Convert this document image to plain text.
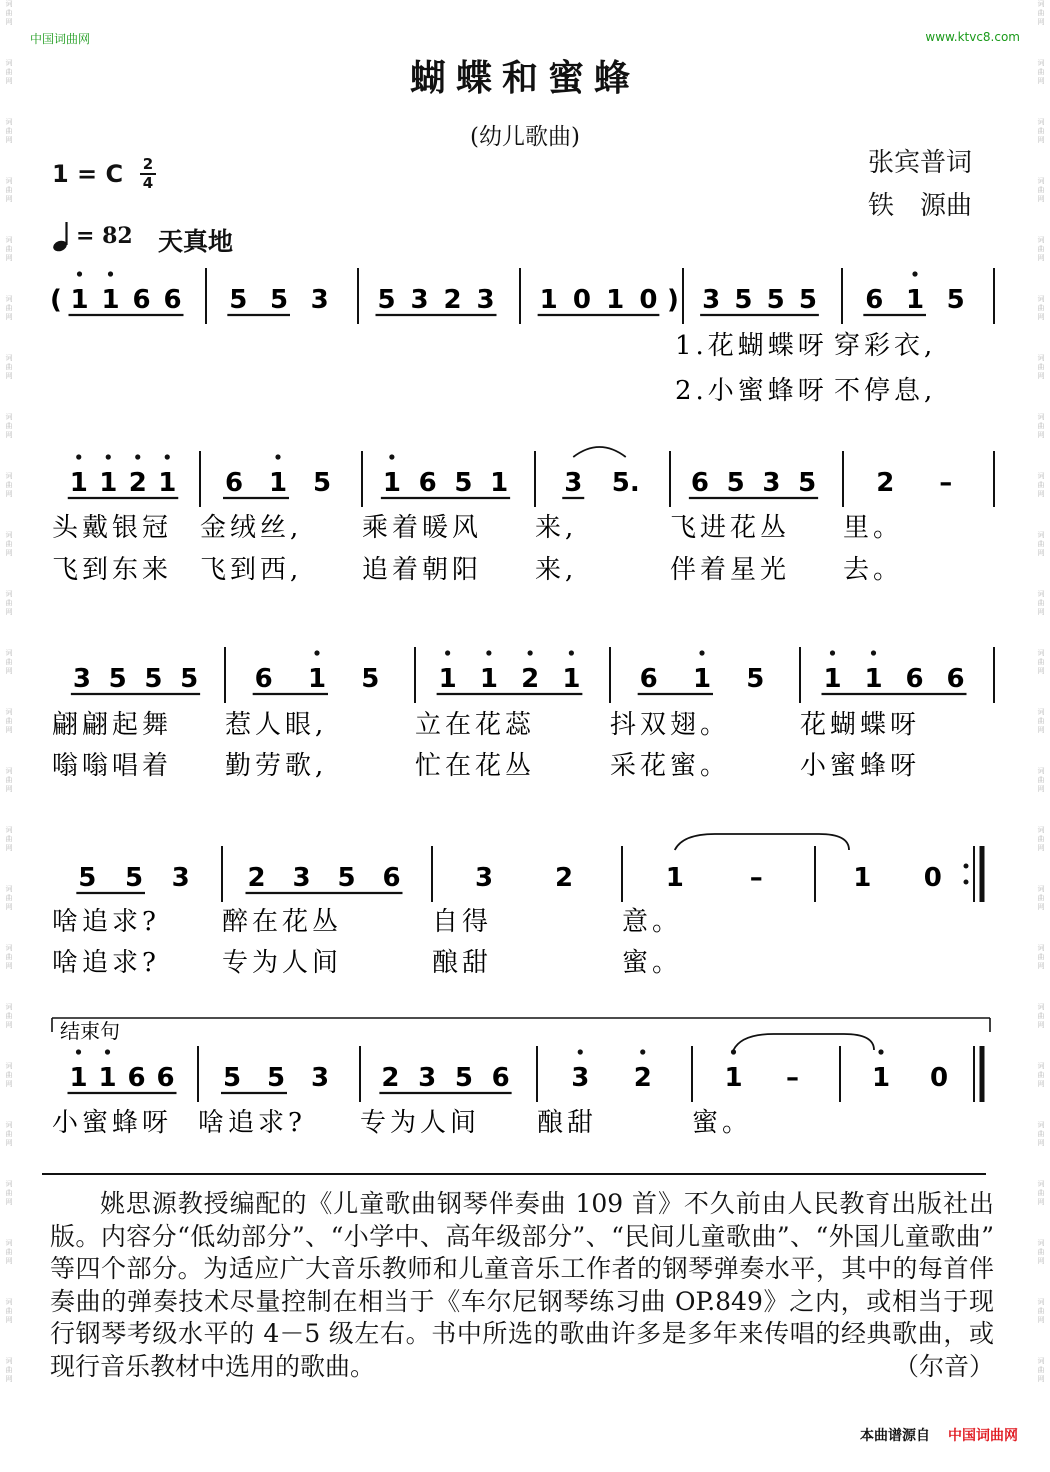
词曲网
词曲网
词曲网
词曲网
词曲网
词曲网
词曲网
词曲网
词曲网
词曲网
词曲网
词曲网
词曲网
词曲网
词曲网
词曲网
词曲网
词曲网
词曲网
词曲网
词曲网
词曲网
词曲网
词曲网
词曲网
词曲网
词曲网
词曲网
词曲网
词曲网
词曲网
词曲网
词曲网
词曲网
词曲网
词曲网
词曲网
词曲网
词曲网
词曲网
词曲网
词曲网
词曲网
词曲网
词曲网
词曲网
词曲网
词曲网
中国词曲网	www.ktvc8.com
蝴蝶和蜜蜂
(幼儿歌曲)
张宾普词
铁　源曲
1 = C	2
4
= 82 天真地
( 1 1 6 6 5 5 3 5 3 2 3 1 0 1 0 ) 3 5 5 5 6 1 5
1.花蝴蝶呀 穿彩衣,
2.小蜜蜂呀 不停息,
1 1 2 1 6 1 5 1 6 5 1 3 5. 6 5 3 5 2 –
头戴银冠 金绒丝, 乘着暖风 来,	飞进花丛 里。
飞到东来 飞到西, 追着朝阳 来,	伴着星光 去。
3 5 5 5 6 1 5 1 1 2 1 6 1 5 1 1 6 6
翩翩起舞 惹人眼,	立在花蕊	抖双翅。	花蝴蝶呀
嗡嗡唱着 勤劳歌,	忙在花丛	采花蜜。	小蜜蜂呀
5 5 3 2 3 5 6	3 2	1	–	1 0
啥追求? 醉在花丛	自得	意。
啥追求? 专为人间	酿甜	蜜。
1 1 6 6 5 5 3 2 3 5 6 3 2	1 –	1 0
小蜜蜂呀 啥追求? 专为人间 酿甜	蜜。
结束句
姚思源教授编配的《儿童歌曲钢琴伴奏曲 109 首》不久前由人民教育出版社出版。内容分“低幼部分”、“小学中、高年级部分”、“民间儿童歌曲”、“外国儿童歌曲” 等四个部分。为适应广大音乐教师和儿童音乐工作者的钢琴弹奏水平，其中的每首伴奏曲的弹奏技术尽量控制在相当于《车尔尼钢琴练习曲 OP.849》之内，或相当于现行钢琴考级水平的 4－5 级左右。书中所选的歌曲许多是多年来传唱的经典歌曲，或现行音乐教材中选用的歌曲。　　	（尔音）
本曲谱源自 中国词曲网
